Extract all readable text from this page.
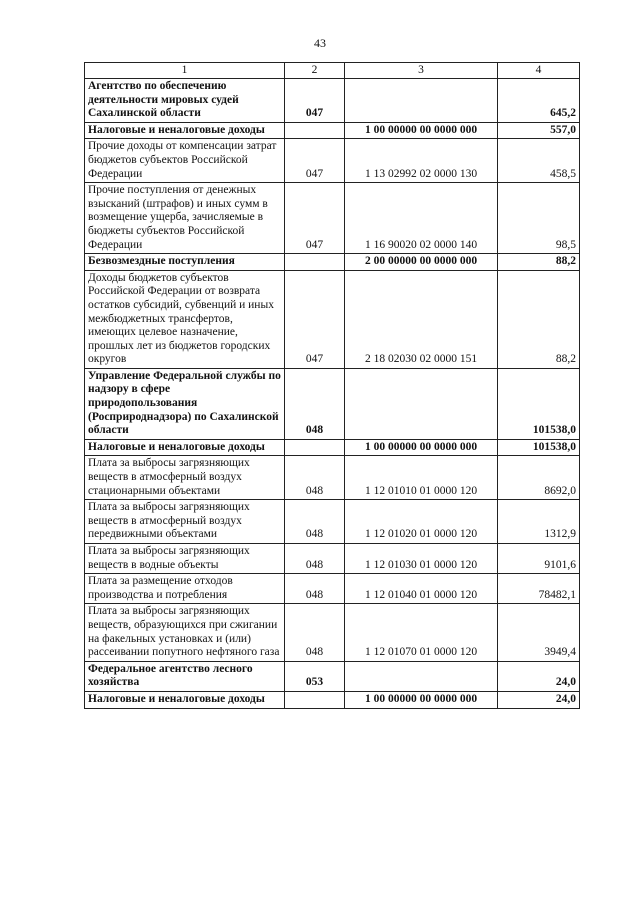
43
1	2	3	4
Агентство по обеспечению деятельности мировых судей Сахалинской области	047		645,2
Налоговые и неналоговые доходы		1 00 00000 00 0000 000	557,0
Прочие доходы от компенсации затрат бюджетов субъектов Российской Федерации	047	1 13 02992 02 0000 130	458,5
Прочие поступления от денежных взысканий (штрафов) и иных сумм в возмещение ущерба, зачисляемые в бюджеты субъектов Российской Федерации	047	1 16 90020 02 0000 140	98,5
Безвозмездные поступления		2 00 00000 00 0000 000	88,2
Доходы бюджетов субъектов Российской Федерации от возврата остатков субсидий, субвенций и иных межбюджетных трансфертов, имеющих целевое назначение, прошлых лет из бюджетов городских округов	047	2 18 02030 02 0000 151	88,2
Управление Федеральной службы по надзору в сфере природопользования (Росприроднадзора) по Сахалинской области	048		101538,0
Налоговые и неналоговые доходы		1 00 00000 00 0000 000	101538,0
Плата за выбросы загрязняющих веществ в атмосферный воздух стационарными объектами	048	1 12 01010 01 0000 120	8692,0
Плата за выбросы загрязняющих веществ в атмосферный воздух передвижными объектами	048	1 12 01020 01 0000 120	1312,9
Плата за выбросы загрязняющих веществ в водные объекты	048	1 12 01030 01 0000 120	9101,6
Плата за размещение отходов производства и потребления	048	1 12 01040 01 0000 120	78482,1
Плата за выбросы загрязняющих веществ, образующихся при сжигании на факельных установках и (или) рассеивании попутного нефтяного газа	048	1 12 01070 01 0000 120	3949,4
Федеральное агентство лесного хозяйства	053		24,0
Налоговые и неналоговые доходы		1 00 00000 00 0000 000	24,0
